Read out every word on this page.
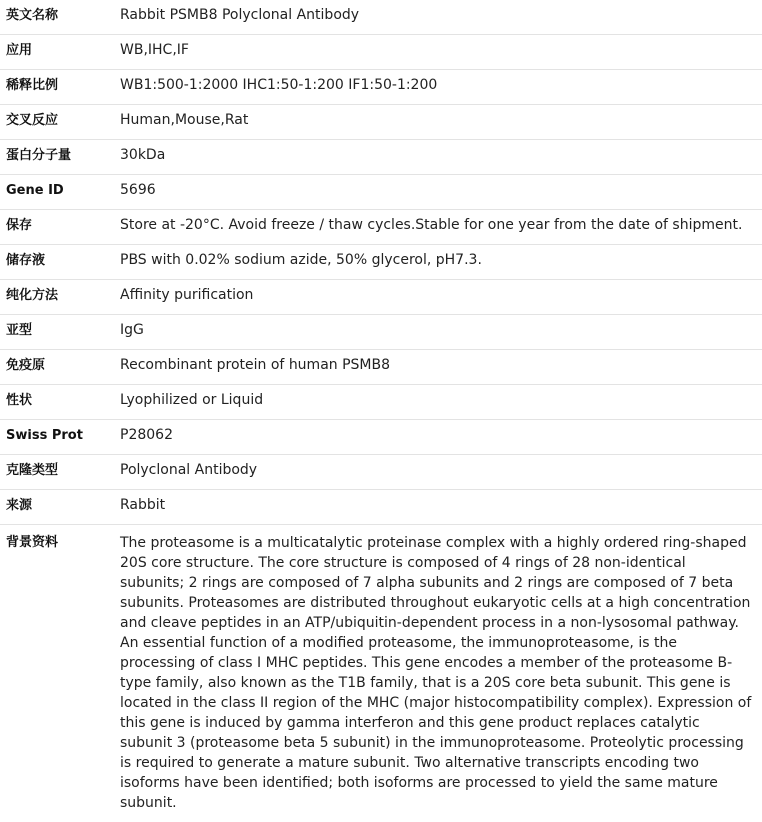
英文名称	Rabbit PSMB8 Polyclonal Antibody
应用	WB,IHC,IF
稀释比例	WB1:500-1:2000 IHC1:50-1:200 IF1:50-1:200
交叉反应	Human,Mouse,Rat
蛋白分子量	30kDa
Gene ID	5696
保存	Store at -20°C. Avoid freeze / thaw cycles.Stable for one year from the date of shipment.
储存液	PBS with 0.02% sodium azide, 50% glycerol, pH7.3.
纯化方法	Affinity purification
亚型	IgG
免疫原	Recombinant protein of human PSMB8
性状	Lyophilized or Liquid
Swiss Prot	P28062
克隆类型	Polyclonal Antibody
来源	Rabbit
背景资料	The proteasome is a multicatalytic proteinase complex with a highly ordered ring-shaped 20S core structure. The core structure is composed of 4 rings of 28 non-identical subunits; 2 rings are composed of 7 alpha subunits and 2 rings are composed of 7 beta subunits. Proteasomes are distributed throughout eukaryotic cells at a high concentration and cleave peptides in an ATP/ubiquitin-dependent process in a non-lysosomal pathway. An essential function of a modified proteasome, the immunoproteasome, is the processing of class I MHC peptides. This gene encodes a member of the proteasome B-type family, also known as the T1B family, that is a 20S core beta subunit. This gene is located in the class II region of the MHC (major histocompatibility complex). Expression of this gene is induced by gamma interferon and this gene product replaces catalytic subunit 3 (proteasome beta 5 subunit) in the immunoproteasome. Proteolytic processing is required to generate a mature subunit. Two alternative transcripts encoding two isoforms have been identified; both isoforms are processed to yield the same mature subunit.
